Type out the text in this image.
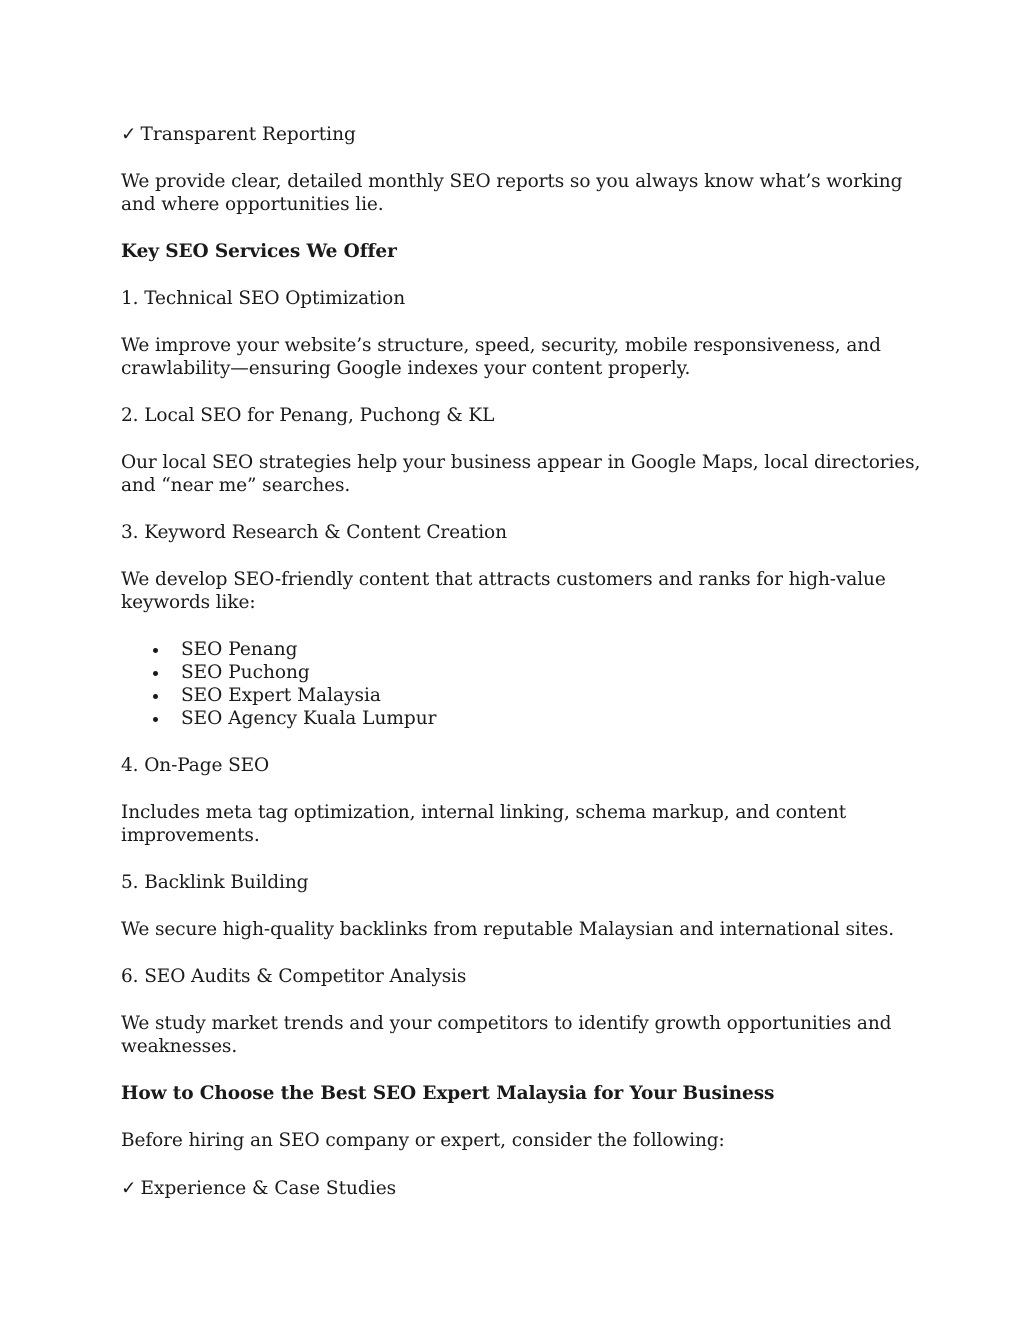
✓ Transparent Reporting

We provide clear, detailed monthly SEO reports so you always know what’s working and where opportunities lie.

Key SEO Services We Offer

1. Technical SEO Optimization

We improve your website’s structure, speed, security, mobile responsiveness, and crawlability—ensuring Google indexes your content properly.

2. Local SEO for Penang, Puchong & KL

Our local SEO strategies help your business appear in Google Maps, local directories, and “near me” searches.

3. Keyword Research & Content Creation

We develop SEO-friendly content that attracts customers and ranks for high-value keywords like:

SEO Penang
SEO Puchong
SEO Expert Malaysia
SEO Agency Kuala Lumpur

4. On-Page SEO

Includes meta tag optimization, internal linking, schema markup, and content improvements.

5. Backlink Building

We secure high-quality backlinks from reputable Malaysian and international sites.

6. SEO Audits & Competitor Analysis

We study market trends and your competitors to identify growth opportunities and weaknesses.

How to Choose the Best SEO Expert Malaysia for Your Business

Before hiring an SEO company or expert, consider the following:

✓ Experience & Case Studies
